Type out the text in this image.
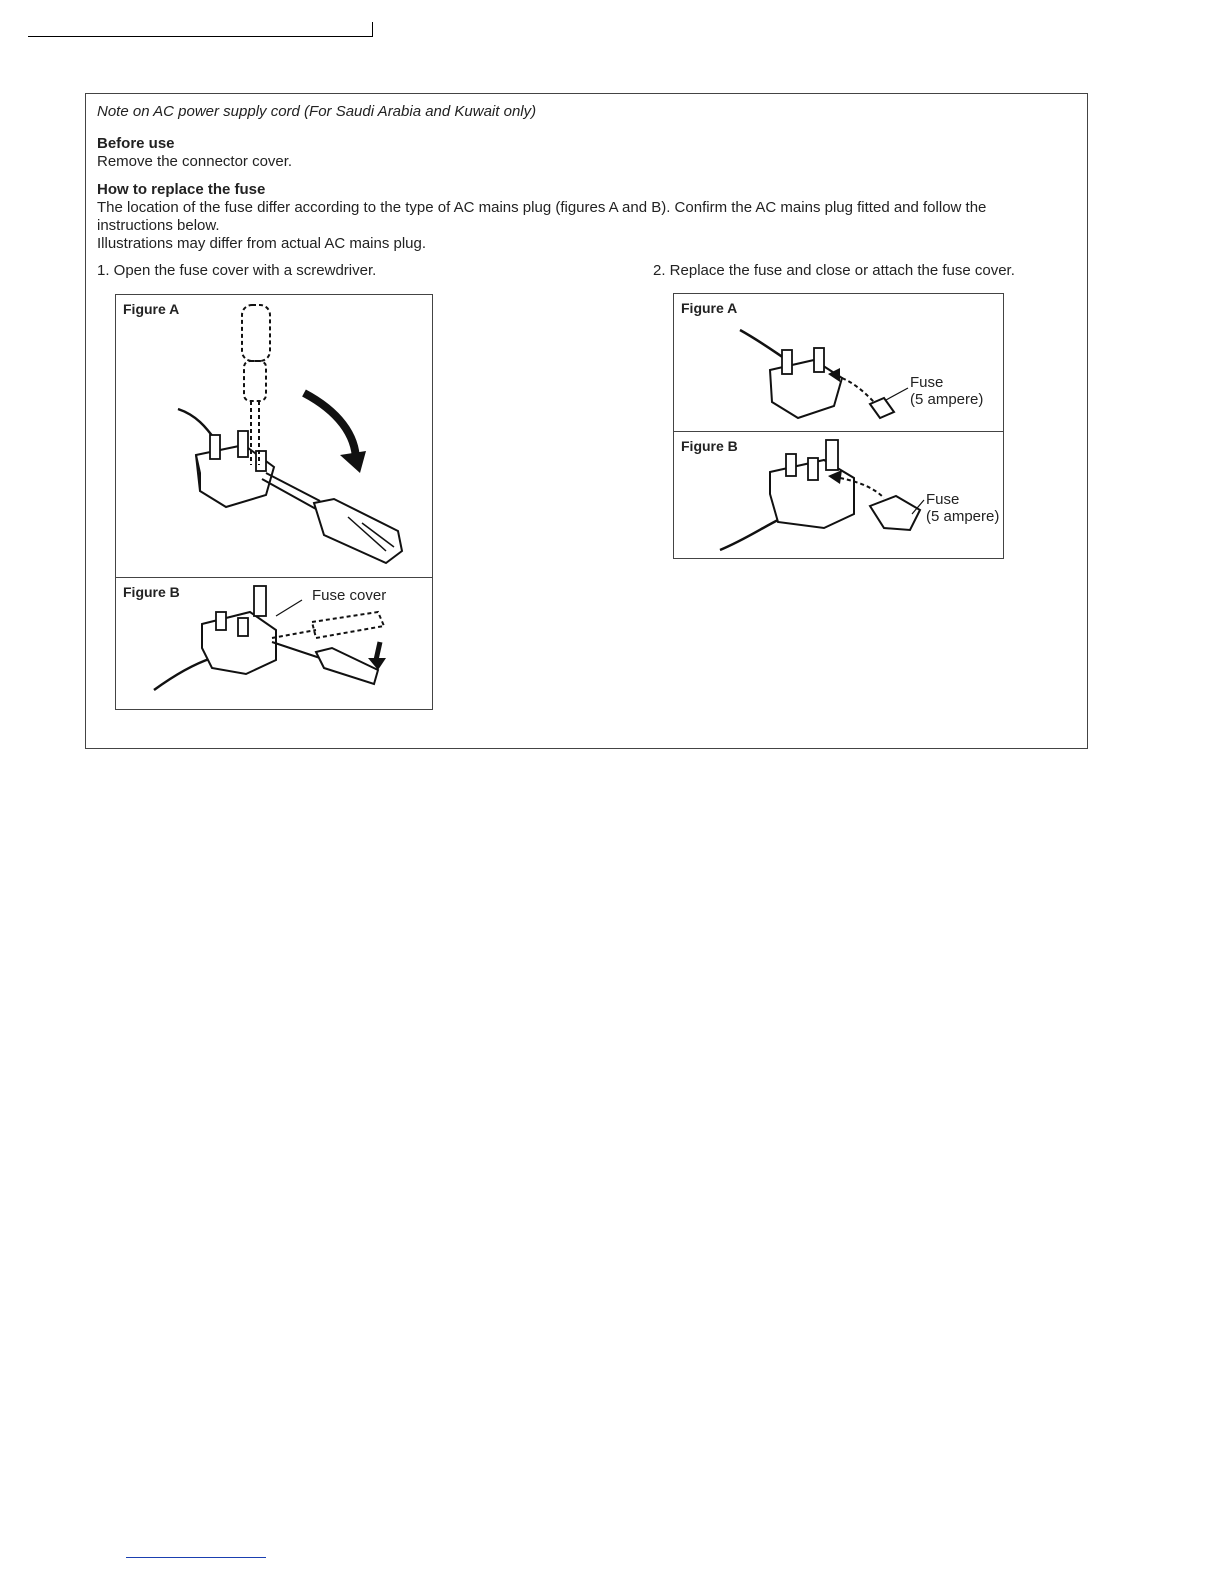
Note on AC power supply cord (For Saudi Arabia and Kuwait only)
Before use
Remove the connector cover.
How to replace the fuse
The location of the fuse differ according to the type of AC mains plug (figures A and B). Confirm the AC mains plug fitted and follow the instructions below.
Illustrations may differ from actual AC mains plug.
1. Open the fuse cover with a screwdriver.	2. Replace the fuse and close or attach the fuse cover.
Figure A
Figure B	Fuse cover
Figure A
Fuse
(5 ampere)
Figure B
Fuse
(5 ampere)
